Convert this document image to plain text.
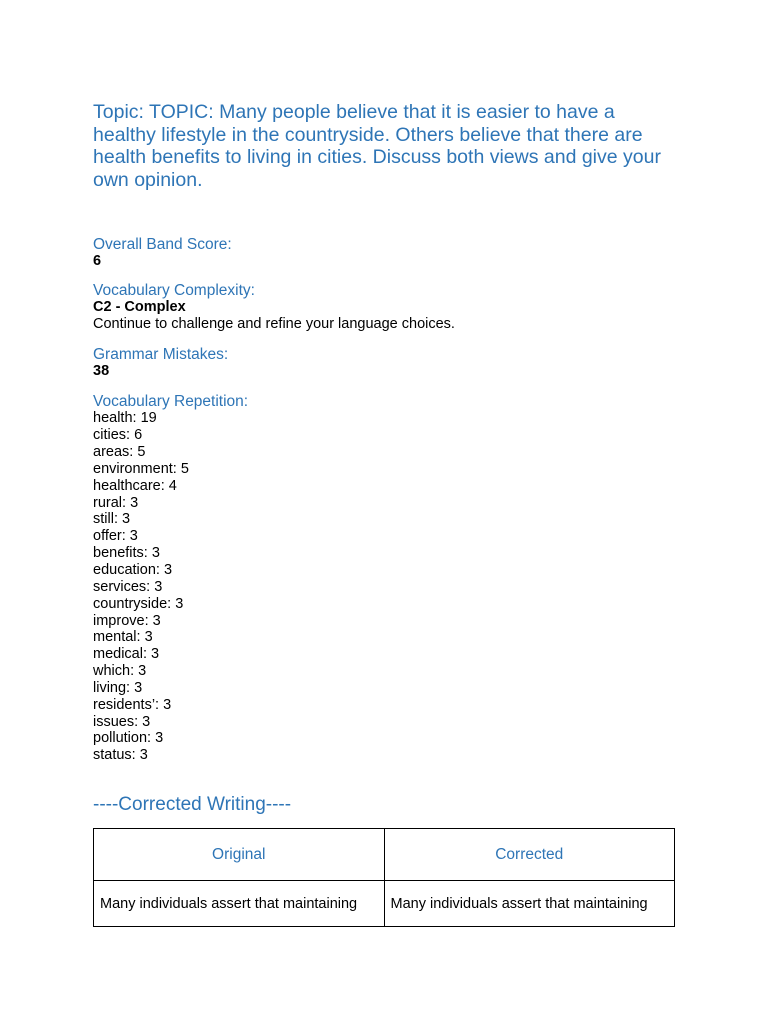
Topic: TOPIC: Many people believe that it is easier to have a healthy lifestyle in the countryside. Others believe that there are health benefits to living in cities. Discuss both views and give your own opinion.

Overall Band Score:

6

Vocabulary Complexity:

C2 - Complex

Continue to challenge and refine your language choices.

Grammar Mistakes:

38

Vocabulary Repetition:

health: 19
cities: 6
areas: 5
environment: 5
healthcare: 4
rural: 3
still: 3
offer: 3
benefits: 3
education: 3
services: 3
countryside: 3
improve: 3
mental: 3
medical: 3
which: 3
living: 3
residents’: 3
issues: 3
pollution: 3
status: 3

----Corrected Writing----

Original	Corrected
Many individuals assert that maintaining	Many individuals assert that maintaining
